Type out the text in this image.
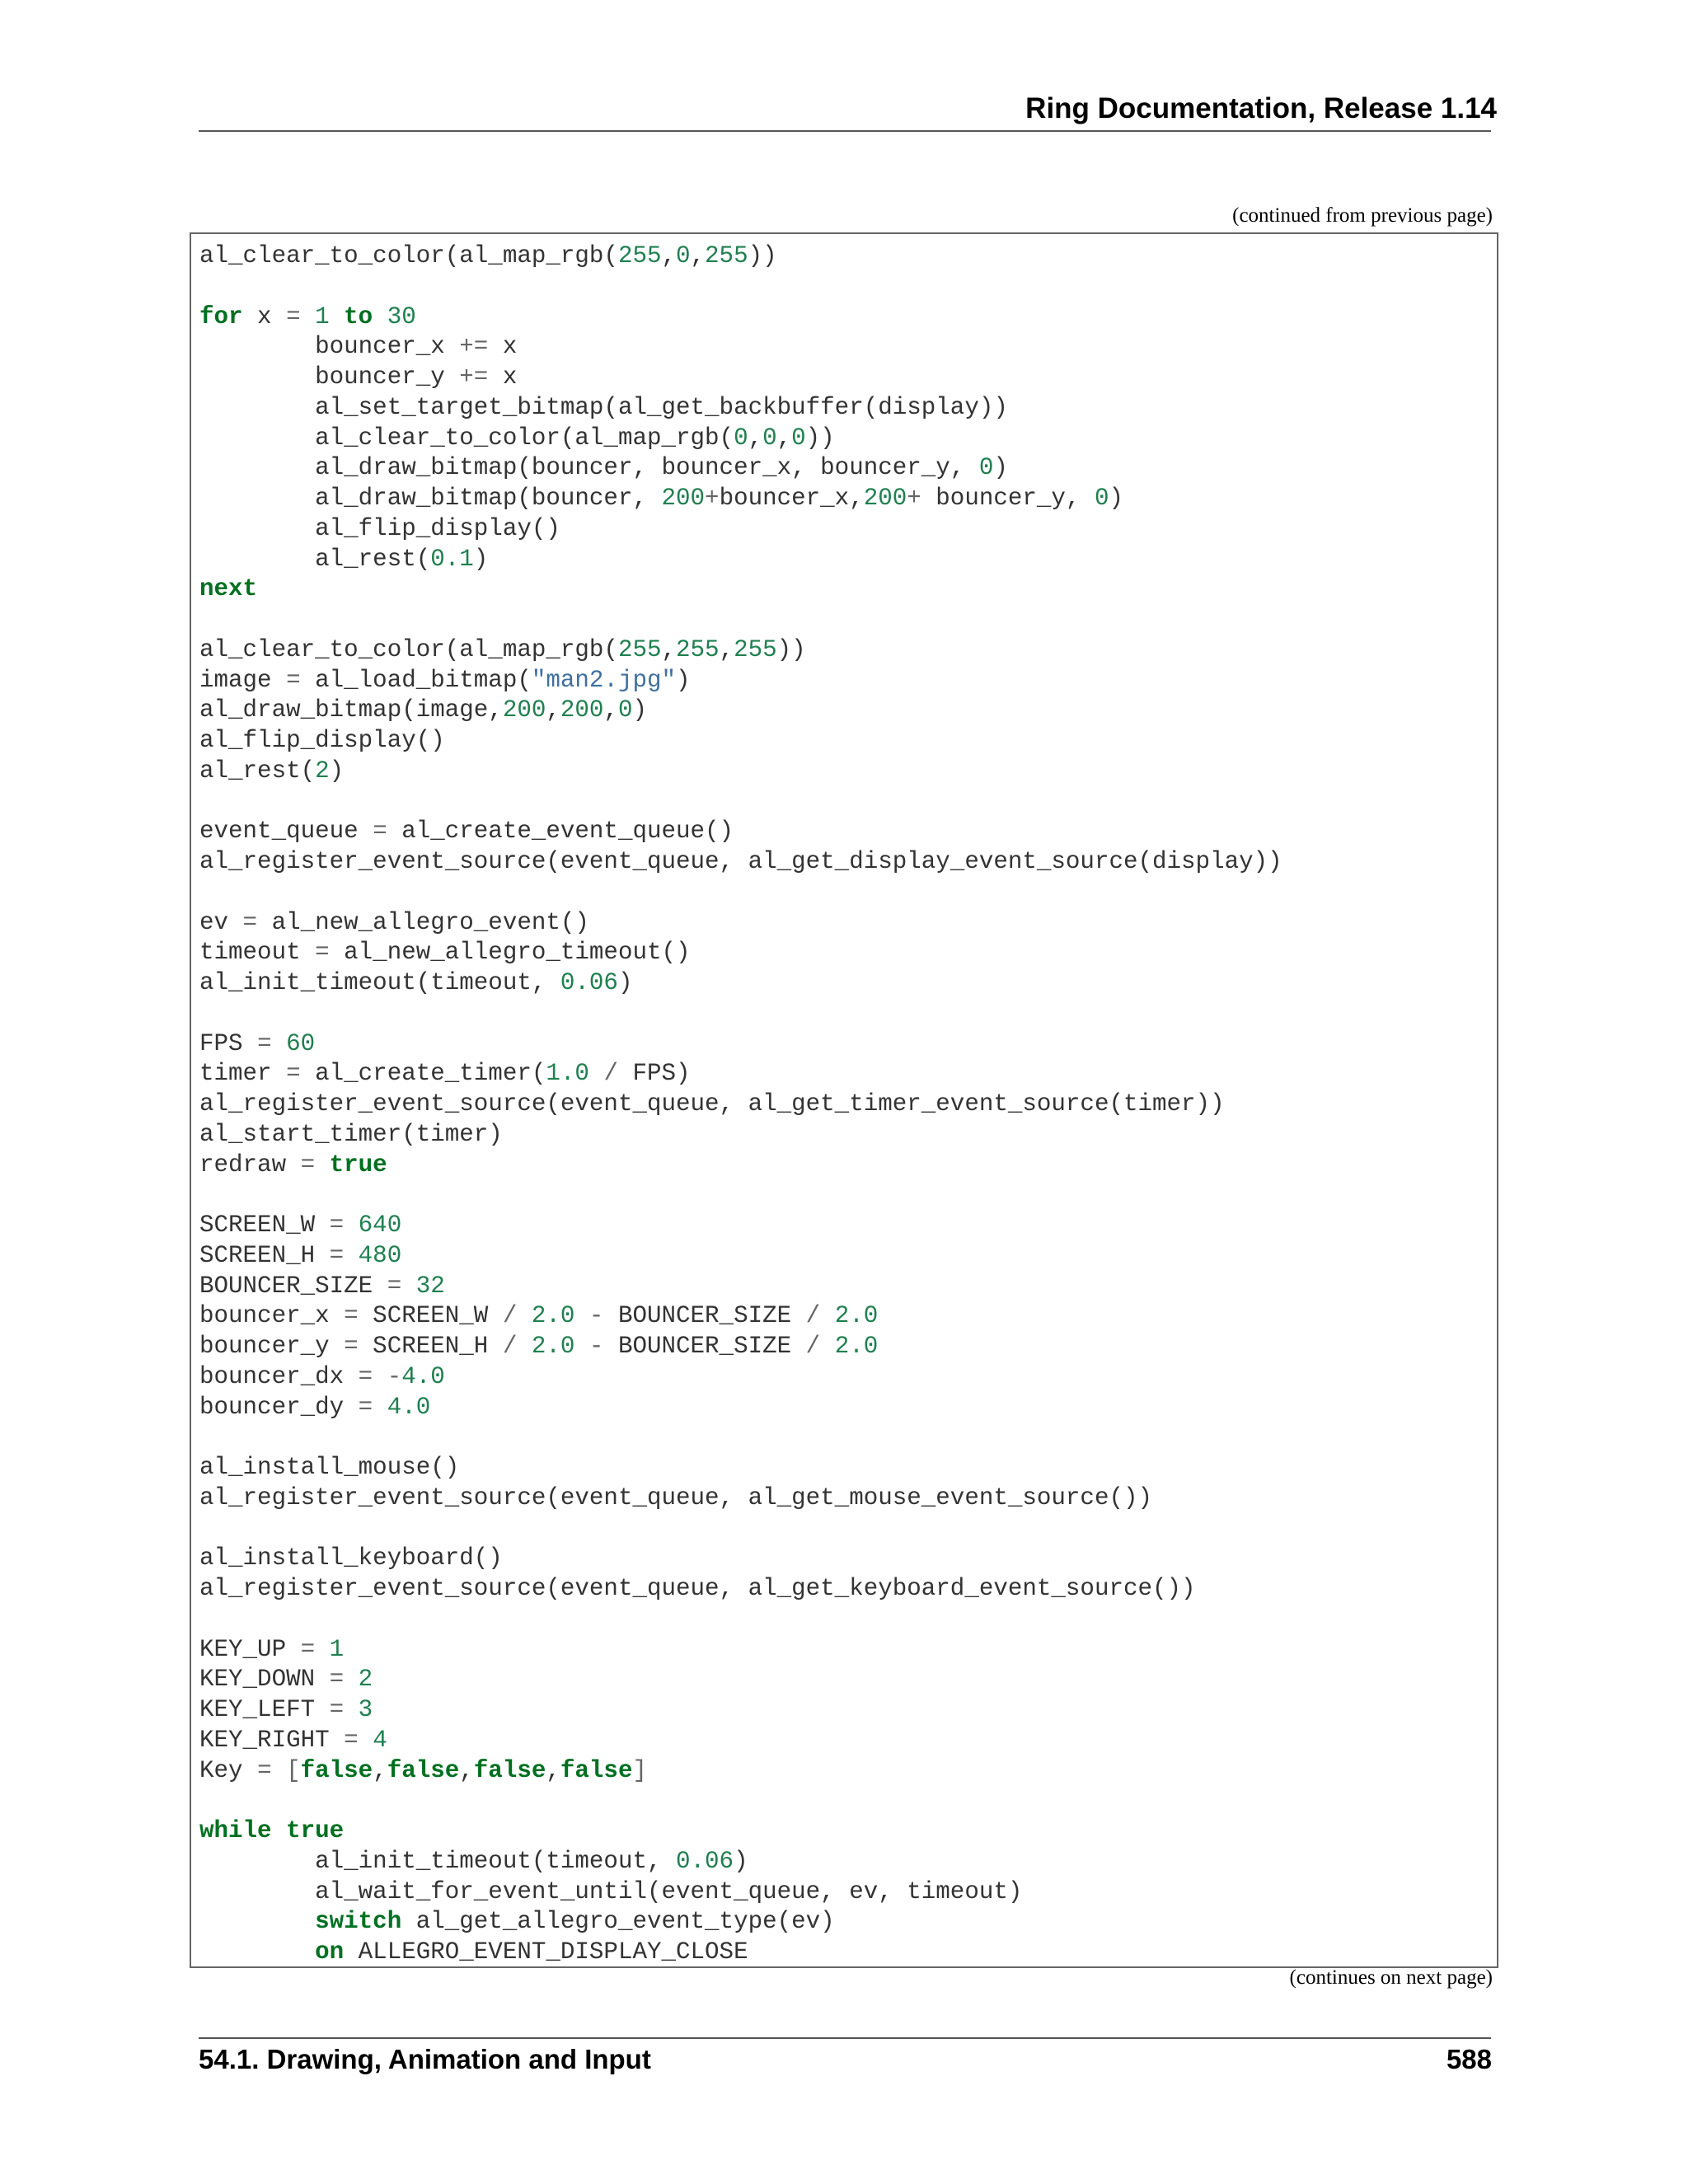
Ring Documentation, Release 1.14
(continued from previous page)
al_clear_to_color(al_map_rgb(255,0,255))
for x = 1 to 30
bouncer_x += x
bouncer_y += x
al_set_target_bitmap(al_get_backbuffer(display))
al_clear_to_color(al_map_rgb(0,0,0))
al_draw_bitmap(bouncer, bouncer_x, bouncer_y, 0)
al_draw_bitmap(bouncer, 200+bouncer_x,200+ bouncer_y, 0)
al_flip_display()
al_rest(0.1)
next
al_clear_to_color(al_map_rgb(255,255,255))
image = al_load_bitmap("man2.jpg")
al_draw_bitmap(image,200,200,0)
al_flip_display()
al_rest(2)
event_queue = al_create_event_queue()
al_register_event_source(event_queue, al_get_display_event_source(display))
ev = al_new_allegro_event()
timeout = al_new_allegro_timeout()
al_init_timeout(timeout, 0.06)
FPS = 60
timer = al_create_timer(1.0 / FPS)
al_register_event_source(event_queue, al_get_timer_event_source(timer))
al_start_timer(timer)
redraw = true
SCREEN_W = 640
SCREEN_H = 480
BOUNCER_SIZE = 32
bouncer_x = SCREEN_W / 2.0 - BOUNCER_SIZE / 2.0
bouncer_y = SCREEN_H / 2.0 - BOUNCER_SIZE / 2.0
bouncer_dx = -4.0
bouncer_dy = 4.0
al_install_mouse()
al_register_event_source(event_queue, al_get_mouse_event_source())
al_install_keyboard()
al_register_event_source(event_queue, al_get_keyboard_event_source())
KEY_UP = 1
KEY_DOWN = 2
KEY_LEFT = 3
KEY_RIGHT = 4
Key = [false,false,false,false]
while true
al_init_timeout(timeout, 0.06)
al_wait_for_event_until(event_queue, ev, timeout)
switch al_get_allegro_event_type(ev)
on ALLEGRO_EVENT_DISPLAY_CLOSE
(continues on next page)
54.1. Drawing, Animation and Input	588
